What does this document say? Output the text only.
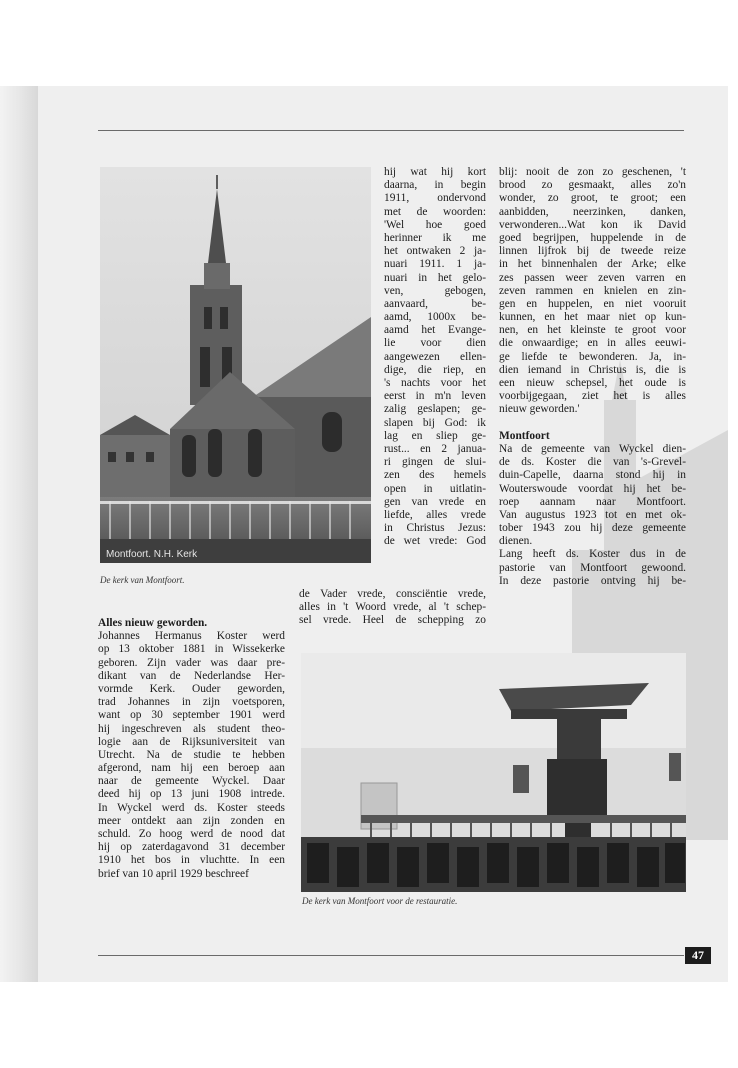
Montfoort. N.H. Kerk
De kerk van Montfoort.
De kerk van Montfoort voor de restauratie.
Alles nieuw geworden.
Johannes Hermanus Koster werd
op 13 oktober 1881 in Wissekerke
geboren. Zijn vader was daar pre-
dikant van de Nederlandse Her-
vormde Kerk. Ouder geworden,
trad Johannes in zijn voetsporen,
want op 30 september 1901 werd
hij ingeschreven als student theo-
logie aan de Rijksuniversiteit van
Utrecht. Na de studie te hebben
afgerond, nam hij een beroep aan
naar de gemeente Wyckel. Daar
deed hij op 13 juni 1908 intrede.
In Wyckel werd ds. Koster steeds
meer ontdekt aan zijn zonden en
schuld. Zo hoog werd de nood dat
hij op zaterdagavond 31 december
1910 het bos in vluchtte. In een
brief van 10 april 1929 beschreef
hij wat hij kort
daarna, in begin
1911, ondervond
met de woorden:
'Wel hoe goed
herinner ik me
het ontwaken 2 ja-
nuari 1911. 1 ja-
nuari in het gelo-
ven, gebogen,
aanvaard, be-
aamd, 1000x be-
aamd het Evange-
lie voor dien
aangewezen ellen-
dige, die riep, en
's nachts voor het
eerst in m'n leven
zalig geslapen; ge-
slapen bij God: ik
lag en sliep ge-
rust... en 2 janua-
ri gingen de slui-
zen des hemels
open in uitlatin-
gen van vrede en
liefde, alles vrede
in Christus Jezus:
de wet vrede: God
de Vader vrede, consciëntie vrede,
alles in 't Woord vrede, al 't schep-
sel vrede. Heel de schepping zo
blij: nooit de zon zo geschenen, 't
brood zo gesmaakt, alles zo'n
wonder, zo groot, te groot; een
aanbidden, neerzinken, danken,
verwonderen...Wat kon ik David
goed begrijpen, huppelende in de
linnen lijfrok bij de tweede reize
in het binnenhalen der Arke; elke
zes passen weer zeven varren en
zeven rammen en knielen en zin-
gen en huppelen, en niet vooruit
kunnen, en het maar niet op kun-
nen, en het kleinste te groot voor
die onwaardige; en in alles eeuwi-
ge liefde te bewonderen. Ja, in-
dien iemand in Christus is, die is
een nieuw schepsel, het oude is
voorbijgegaan, ziet het is alles
nieuw geworden.'
Montfoort
Na de gemeente van Wyckel dien-
de ds. Koster die van 's-Grevel-
duin-Capelle, daarna stond hij in
Wouterswoude voordat hij het be-
roep aannam naar Montfoort.
Van augustus 1923 tot en met ok-
tober 1943 zou hij deze gemeente
dienen.
Lang heeft ds. Koster dus in de
pastorie van Montfoort gewoond.
In deze pastorie ontving hij be-
47
